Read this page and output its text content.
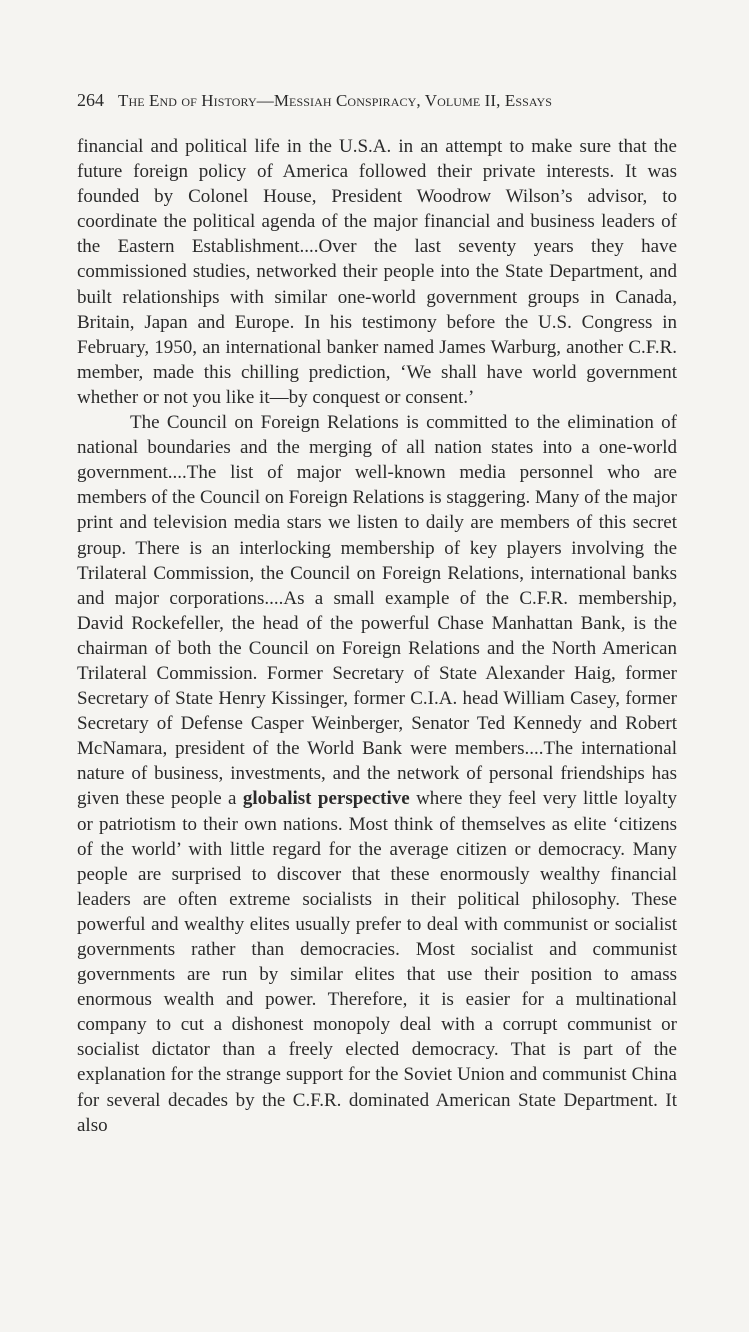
264 The End of History—Messiah Conspiracy, Volume II, Essays

financial and political life in the U.S.A. in an attempt to make sure that the future foreign policy of America followed their private interests. It was founded by Colonel House, President Woodrow Wilson’s advisor, to coordinate the political agenda of the major financial and business leaders of the Eastern Establishment....Over the last seventy years they have commissioned studies, networked their people into the State Department, and built relationships with similar one-world government groups in Canada, Britain, Japan and Europe. In his testimony before the U.S. Congress in February, 1950, an international banker named James Warburg, another C.F.R. member, made this chilling prediction, ‘We shall have world government whether or not you like it—by conquest or consent.’

The Council on Foreign Relations is committed to the elimination of national boundaries and the merging of all nation states into a one-world government....The list of major well-known media personnel who are members of the Council on Foreign Relations is staggering. Many of the major print and television media stars we listen to daily are members of this secret group. There is an interlocking membership of key players involving the Trilateral Commission, the Council on Foreign Relations, international banks and major corporations....As a small example of the C.F.R. membership, David Rockefeller, the head of the powerful Chase Manhattan Bank, is the chairman of both the Council on Foreign Relations and the North American Trilateral Commission. Former Secretary of State Alexander Haig, former Secretary of State Henry Kissinger, former C.I.A. head William Casey, former Secretary of Defense Casper Weinberger, Senator Ted Kennedy and Robert McNamara, president of the World Bank were members....The international nature of business, investments, and the network of personal friendships has given these people a globalist perspective where they feel very little loyalty or patriotism to their own nations. Most think of themselves as elite ‘citizens of the world’ with little regard for the average citizen or democracy. Many people are surprised to discover that these enormously wealthy financial leaders are often extreme socialists in their political philosophy. These powerful and wealthy elites usually prefer to deal with communist or socialist governments rather than democracies. Most socialist and communist governments are run by similar elites that use their position to amass enormous wealth and power. Therefore, it is easier for a multinational company to cut a dishonest monopoly deal with a corrupt communist or socialist dictator than a freely elected democracy. That is part of the explanation for the strange support for the Soviet Union and communist China for several decades by the C.F.R. dominated American State Department. It also
